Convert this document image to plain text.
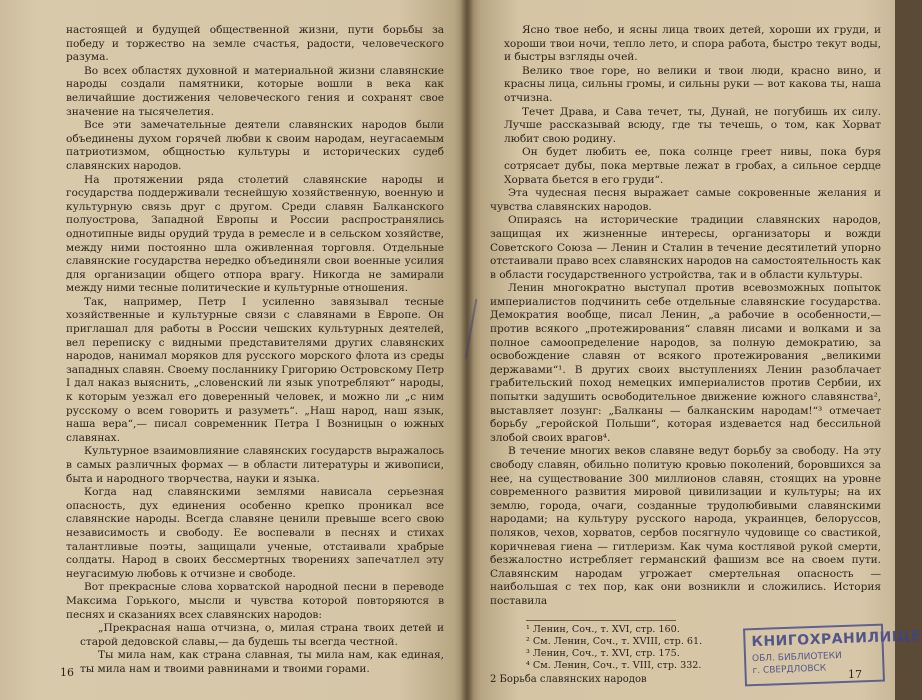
настоящей и будущей общественной жизни, пути борьбы за победу и торжество на земле счастья, радости, человеческого разума.

Во всех областях духовной и материальной жизни славянские народы создали памятники, которые вошли в века как величайшие достижения человеческого гения и сохранят свое значение на тысячелетия.

Все эти замечательные деятели славянских народов были объединены духом горячей любви к своим народам, неугасаемым патриотизмом, общностью культуры и исторических судеб славянских народов.

На протяжении ряда столетий славянские народы и государства поддерживали теснейшую хозяйственную, военную и культурную связь друг с другом. Среди славян Балканского полуострова, Западной Европы и России распространялись однотипные виды орудий труда в ремесле и в сельском хозяйстве, между ними постоянно шла оживленная торговля. Отдельные славянские государства нередко объединяли свои военные усилия для организации общего отпора врагу. Никогда не замирали между ними тесные политические и культурные отношения.

Так, например, Петр I усиленно завязывал тесные хозяйственные и культурные связи с славянами в Европе. Он приглашал для работы в России чешских культурных деятелей, вел переписку с видными представителями других славянских народов, нанимал моряков для русского морского флота из среды западных славян. Своему посланнику Григорию Островскому Петр I дал наказ выяснить, „словенский ли язык употребляют“ народы, к которым уезжал его доверенный человек, и можно ли „с ним русскому о всем говорить и разуметь“. „Наш народ, наш язык, наша вера“,— писал современник Петра I Возницын о южных славянах.

Культурное взаимовлияние славянских государств выражалось в самых различных формах — в области литературы и живописи, быта и народного творчества, науки и языка.

Когда над славянскими землями нависала серьезная опасность, дух единения особенно крепко проникал все славянские народы. Всегда славяне ценили превыше всего свою независимость и свободу. Ее воспевали в песнях и стихах талантливые поэты, защищали ученые, отстаивали храбрые солдаты. Народ в своих бессмертных творениях запечатлел эту неугасимую любовь к отчизне и свободе.

Вот прекрасные слова хорватской народной песни в переводе Максима Горького, мысли и чувства которой повторяются в песнях и сказаниях всех славянских народов:

„Прекрасная наша отчизна, о, милая страна твоих детей и старой дедовской славы,— да будешь ты всегда честной.

Ты мила нам, как страна славная, ты мила нам, как единая, ты мила нам и твоими равнинами и твоими горами.

16

Ясно твое небо, и ясны лица твоих детей, хороши их груди, и хороши твои ночи, тепло лето, и спора работа, быстро текут воды, и быстры взгляды очей.

Велико твое горе, но велики и твои люди, красно вино, и красны лица, сильны громы, и сильны руки — вот какова ты, наша отчизна.

Течет Драва, и Сава течет, ты, Дунай, не погубишь их силу. Лучше рассказывай всюду, где ты течешь, о том, как Хорват любит свою родину.

Он будет любить ее, пока солнце греет нивы, пока буря сотрясает дубы, пока мертвые лежат в гробах, а сильное сердце Хорвата бьется в его груди“.

Эта чудесная песня выражает самые сокровенные желания и чувства славянских народов.

Опираясь на исторические традиции славянских народов, защищая их жизненные интересы, организаторы и вожди Советского Союза — Ленин и Сталин в течение десятилетий упорно отстаивали право всех славянских народов на самостоятельность как в области государственного устройства, так и в области культуры.

Ленин многократно выступал против всевозможных попыток империалистов подчинить себе отдельные славянские государства. Демократия вообще, писал Ленин, „а рабочие в особенности,— против всякого „протежирования“ славян лисами и волками и за полное самоопределение народов, за полную демократию, за освобождение славян от всякого протежирования „великими державами“¹. В других своих выступлениях Ленин разоблачает грабительский поход немецких империалистов против Сербии, их попытки задушить освободительное движение южного славянства², выставляет лозунг: „Балканы — балканским народам!“³ отмечает борьбу „геройской Польши“, которая издевается над бессильной злобой своих врагов⁴.

В течение многих веков славяне ведут борьбу за свободу. На эту свободу славян, обильно политую кровью поколений, боровшихся за нее, на существование 300 миллионов славян, стоящих на уровне современного развития мировой цивилизации и культуры; на их землю, города, очаги, созданные трудолюбивыми славянскими народами; на культуру русского народа, украинцев, белоруссов, поляков, чехов, хорватов, сербов посягнуло чудовище со свастикой, коричневая гиена — гитлеризм. Как чума костлявой рукой смерти, безжалостно истребляет германский фашизм все на своем пути. Славянским народам угрожает смертельная опасность — наибольшая с тех пор, как они возникли и сложились. История поставила

¹ Ленин, Соч., т. XVI, стр. 160.
² См. Ленин, Соч., т. XVIII, стр. 61.
³ Ленин, Соч., т. XVI, стр. 175.
⁴ См. Ленин, Соч., т. VIII, стр. 332.
2 Борьба славянских народов
КНИГОХРАНИЛИЩЕ
ОБЛ. БИБЛИОТЕКИ
г. СВЕРДЛОВСК	17
